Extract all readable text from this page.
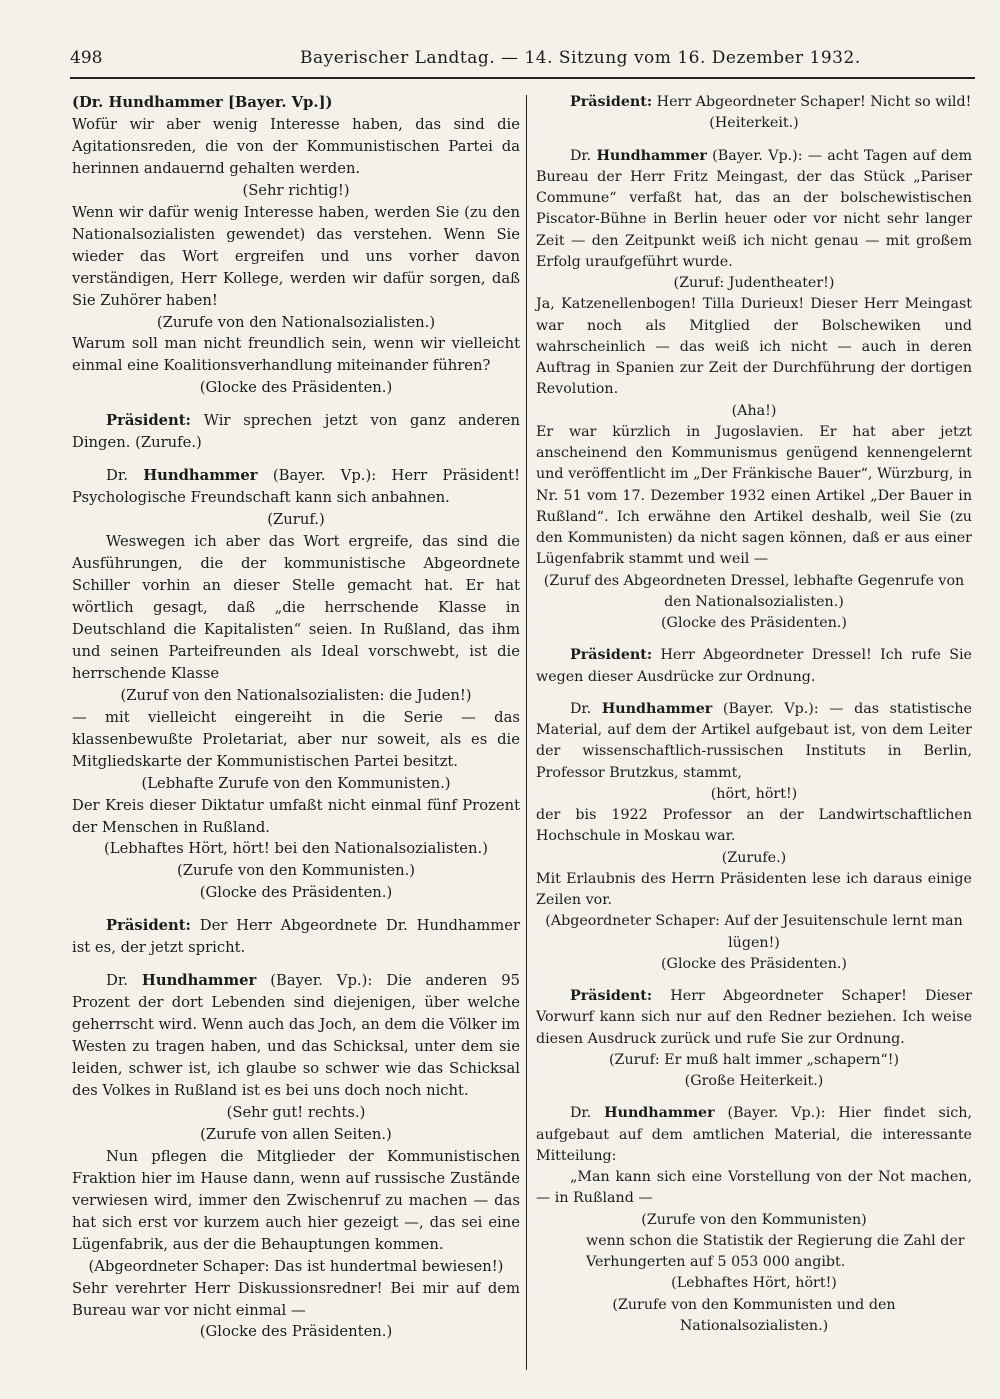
498	Bayerischer Landtag. — 14. Sitzung vom 16. Dezember 1932.

(Dr. Hundhammer [Bayer. Vp.])

Wofür wir aber wenig Interesse haben, das sind die Agitationsreden, die von der Kommunistischen Partei da herinnen andauernd gehalten werden.

(Sehr richtig!)

Wenn wir dafür wenig Interesse haben, werden Sie (zu den Nationalsozialisten gewendet) das verstehen. Wenn Sie wieder das Wort ergreifen und uns vorher davon verständigen, Herr Kollege, werden wir dafür sorgen, daß Sie Zuhörer haben!

(Zurufe von den Nationalsozialisten.)

Warum soll man nicht freundlich sein, wenn wir vielleicht einmal eine Koalitionsverhandlung miteinander führen?

(Glocke des Präsidenten.)

Präsident: Wir sprechen jetzt von ganz anderen Dingen. (Zurufe.)

Dr. Hundhammer (Bayer. Vp.): Herr Präsident! Psychologische Freundschaft kann sich anbahnen.

(Zuruf.)

Weswegen ich aber das Wort ergreife, das sind die Ausführungen, die der kommunistische Abgeordnete Schiller vorhin an dieser Stelle gemacht hat. Er hat wörtlich gesagt, daß „die herrschende Klasse in Deutschland die Kapitalisten“ seien. In Rußland, das ihm und seinen Parteifreunden als Ideal vorschwebt, ist die herrschende Klasse

(Zuruf von den Nationalsozialisten: die Juden!)

— mit vielleicht eingereiht in die Serie — das klassenbewußte Proletariat, aber nur soweit, als es die Mitgliedskarte der Kommunistischen Partei besitzt.

(Lebhafte Zurufe von den Kommunisten.)

Der Kreis dieser Diktatur umfaßt nicht einmal fünf Prozent der Menschen in Rußland.

(Lebhaftes Hört, hört! bei den Nationalsozialisten.)

(Zurufe von den Kommunisten.)

(Glocke des Präsidenten.)

Präsident: Der Herr Abgeordnete Dr. Hundhammer ist es, der jetzt spricht.

Dr. Hundhammer (Bayer. Vp.): Die anderen 95 Prozent der dort Lebenden sind diejenigen, über welche geherrscht wird. Wenn auch das Joch, an dem die Völker im Westen zu tragen haben, und das Schicksal, unter dem sie leiden, schwer ist, ich glaube so schwer wie das Schicksal des Volkes in Rußland ist es bei uns doch noch nicht.

(Sehr gut! rechts.)

(Zurufe von allen Seiten.)

Nun pflegen die Mitglieder der Kommunistischen Fraktion hier im Hause dann, wenn auf russische Zustände verwiesen wird, immer den Zwischenruf zu machen — das hat sich erst vor kurzem auch hier gezeigt —, das sei eine Lügenfabrik, aus der die Behauptungen kommen.

(Abgeordneter Schaper: Das ist hundertmal bewiesen!)

Sehr verehrter Herr Diskussionsredner! Bei mir auf dem Bureau war vor nicht einmal —

(Glocke des Präsidenten.)

Präsident: Herr Abgeordneter Schaper! Nicht so wild!

(Heiterkeit.)

Dr. Hundhammer (Bayer. Vp.): — acht Tagen auf dem Bureau der Herr Fritz Meingast, der das Stück „Pariser Commune“ verfaßt hat, das an der bolschewistischen Piscator-Bühne in Berlin heuer oder vor nicht sehr langer Zeit — den Zeitpunkt weiß ich nicht genau — mit großem Erfolg uraufgeführt wurde.

(Zuruf: Judentheater!)

Ja, Katzenellenbogen! Tilla Durieux! Dieser Herr Meingast war noch als Mitglied der Bolschewiken und wahrscheinlich — das weiß ich nicht — auch in deren Auftrag in Spanien zur Zeit der Durchführung der dortigen Revolution.

(Aha!)

Er war kürzlich in Jugoslavien. Er hat aber jetzt anscheinend den Kommunismus genügend kennengelernt und veröffentlicht im „Der Fränkische Bauer“, Würzburg, in Nr. 51 vom 17. Dezember 1932 einen Artikel „Der Bauer in Rußland“. Ich erwähne den Artikel deshalb, weil Sie (zu den Kommunisten) da nicht sagen können, daß er aus einer Lügenfabrik stammt und weil —

(Zuruf des Abgeordneten Dressel, lebhafte Gegenrufe von den Nationalsozialisten.)

(Glocke des Präsidenten.)

Präsident: Herr Abgeordneter Dressel! Ich rufe Sie wegen dieser Ausdrücke zur Ordnung.

Dr. Hundhammer (Bayer. Vp.): — das statistische Material, auf dem der Artikel aufgebaut ist, von dem Leiter der wissenschaftlich-russischen Instituts in Berlin, Professor Brutzkus, stammt,

(hört, hört!)

der bis 1922 Professor an der Landwirtschaftlichen Hochschule in Moskau war.

(Zurufe.)

Mit Erlaubnis des Herrn Präsidenten lese ich daraus einige Zeilen vor.

(Abgeordneter Schaper: Auf der Jesuitenschule lernt man lügen!)

(Glocke des Präsidenten.)

Präsident: Herr Abgeordneter Schaper! Dieser Vorwurf kann sich nur auf den Redner beziehen. Ich weise diesen Ausdruck zurück und rufe Sie zur Ordnung.

(Zuruf: Er muß halt immer „schapern“!)

(Große Heiterkeit.)

Dr. Hundhammer (Bayer. Vp.): Hier findet sich, aufgebaut auf dem amtlichen Material, die interessante Mitteilung:

„Man kann sich eine Vorstellung von der Not machen, — in Rußland —

(Zurufe von den Kommunisten)

wenn schon die Statistik der Regierung die Zahl der Verhungerten auf 5 053 000 angibt.

(Lebhaftes Hört, hört!)

(Zurufe von den Kommunisten und den Nationalsozialisten.)
